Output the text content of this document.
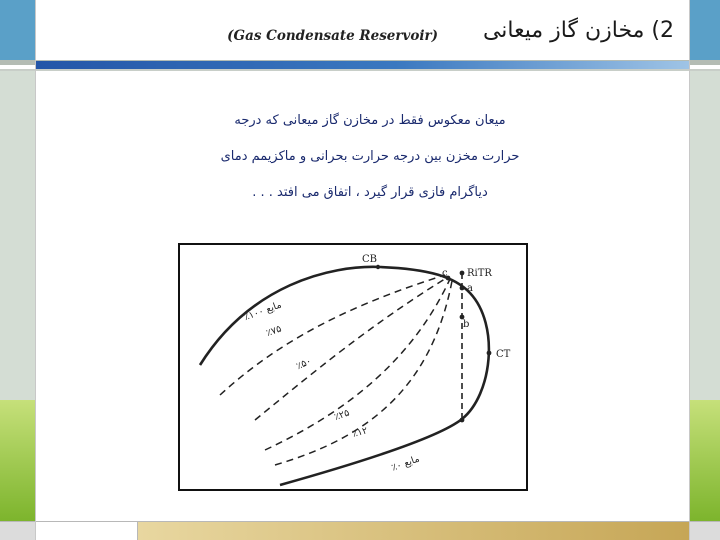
2) مخازن گاز میعانی
(Gas Condensate Reservoir)
میعان معکوس فقط در مخازن گاز میعانی که درجه
حرارت مخزن بین درجه حرارت بحرانی و ماکزیمم دمای
دیاگرام فازی قرار گیرد ، اتفاق می افتد . . .
CB
c RiTR
a
b
CT
مایع ۱۰۰٪
٪۷۵
٪۵۰
٪۲۵
٪۱۲
مایع ۰٪
